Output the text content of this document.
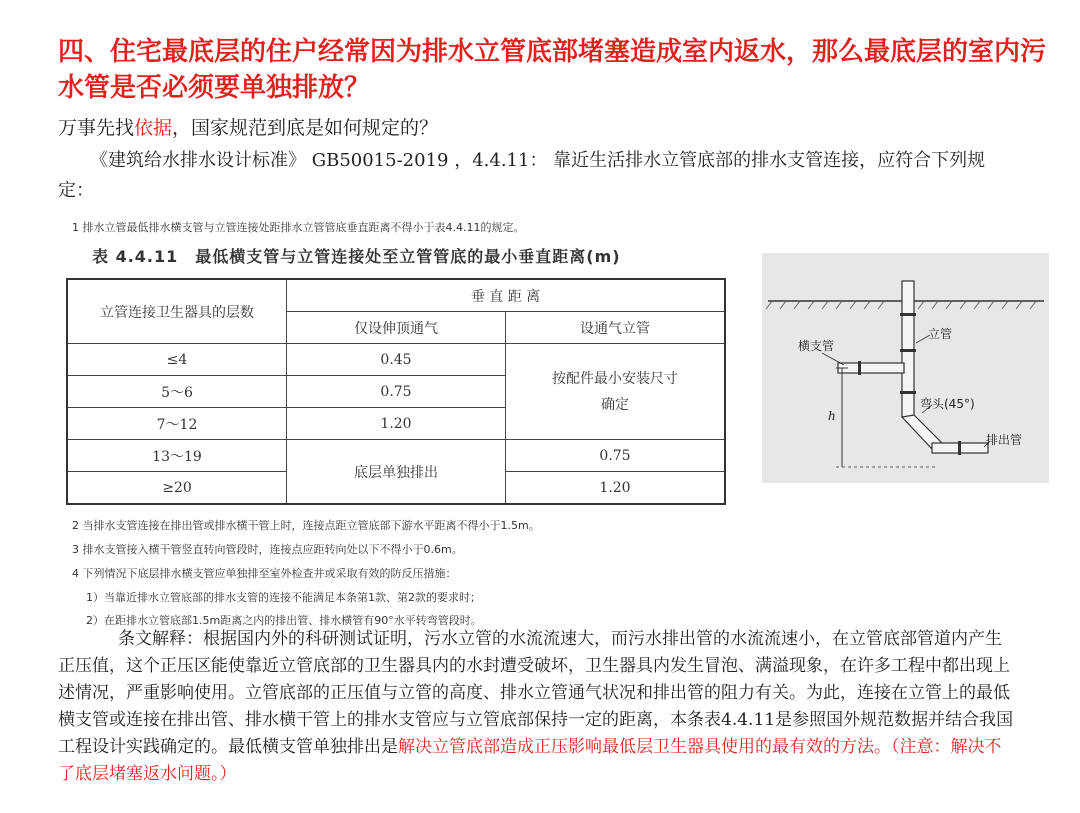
四、住宅最底层的住户经常因为排水立管底部堵塞造成室内返水，那么最底层的室内污水管是否必须要单独排放？
万事先找依据，国家规范到底是如何规定的？
《建筑给水排水设计标准》 GB50015-2019 ，4.4.11： 靠近生活排水立管底部的排水支管连接，应符合下列规定：
1 排水立管最低排水横支管与立管连接处距排水立管管底垂直距离不得小于表4.4.11的规定。
表 4.4.11　最低横支管与立管连接处至立管管底的最小垂直距离(m)
立管连接卫生器具的层数	垂 直 距 离	
	仅设伸顶通气	设通气立管
≤4	0.45	按配件最小安装尺寸确定

5～6	0.75	
7～12	1.20	
13～19	底层单独排出	0.75
≥20		1.20
2 当排水支管连接在排出管或排水横干管上时，连接点距立管底部下游水平距离不得小于1.5m。
3 排水支管接入横干管竖直转向管段时，连接点应距转向处以下不得小于0.6m。
4 下列情况下底层排水横支管应单独排至室外检查井或采取有效的防反压措施：
1）当靠近排水立管底部的排水支管的连接不能满足本条第1款、第2款的要求时；
2）在距排水立管底部1.5m距离之内的排出管、排水横管有90°水平转弯管段时。
横支管
立管
弯头(45°)
排出管
h
条文解释：根据国内外的科研测试证明，污水立管的水流流速大，而污水排出管的水流流速小，在立管底部管道内产生正压值，这个正压区能使靠近立管底部的卫生器具内的水封遭受破坏，卫生器具内发生冒泡、满溢现象，在许多工程中都出现上述情况，严重影响使用。立管底部的正压值与立管的高度、排水立管通气状况和排出管的阻力有关。为此，连接在立管上的最低横支管或连接在排出管、排水横干管上的排水支管应与立管底部保持一定的距离，本条表4.4.11是参照国外规范数据并结合我国工程设计实践确定的。最低横支管单独排出是解决立管底部造成正压影响最低层卫生器具使用的最有效的方法。（注意：解决不了底层堵塞返水问题。）
